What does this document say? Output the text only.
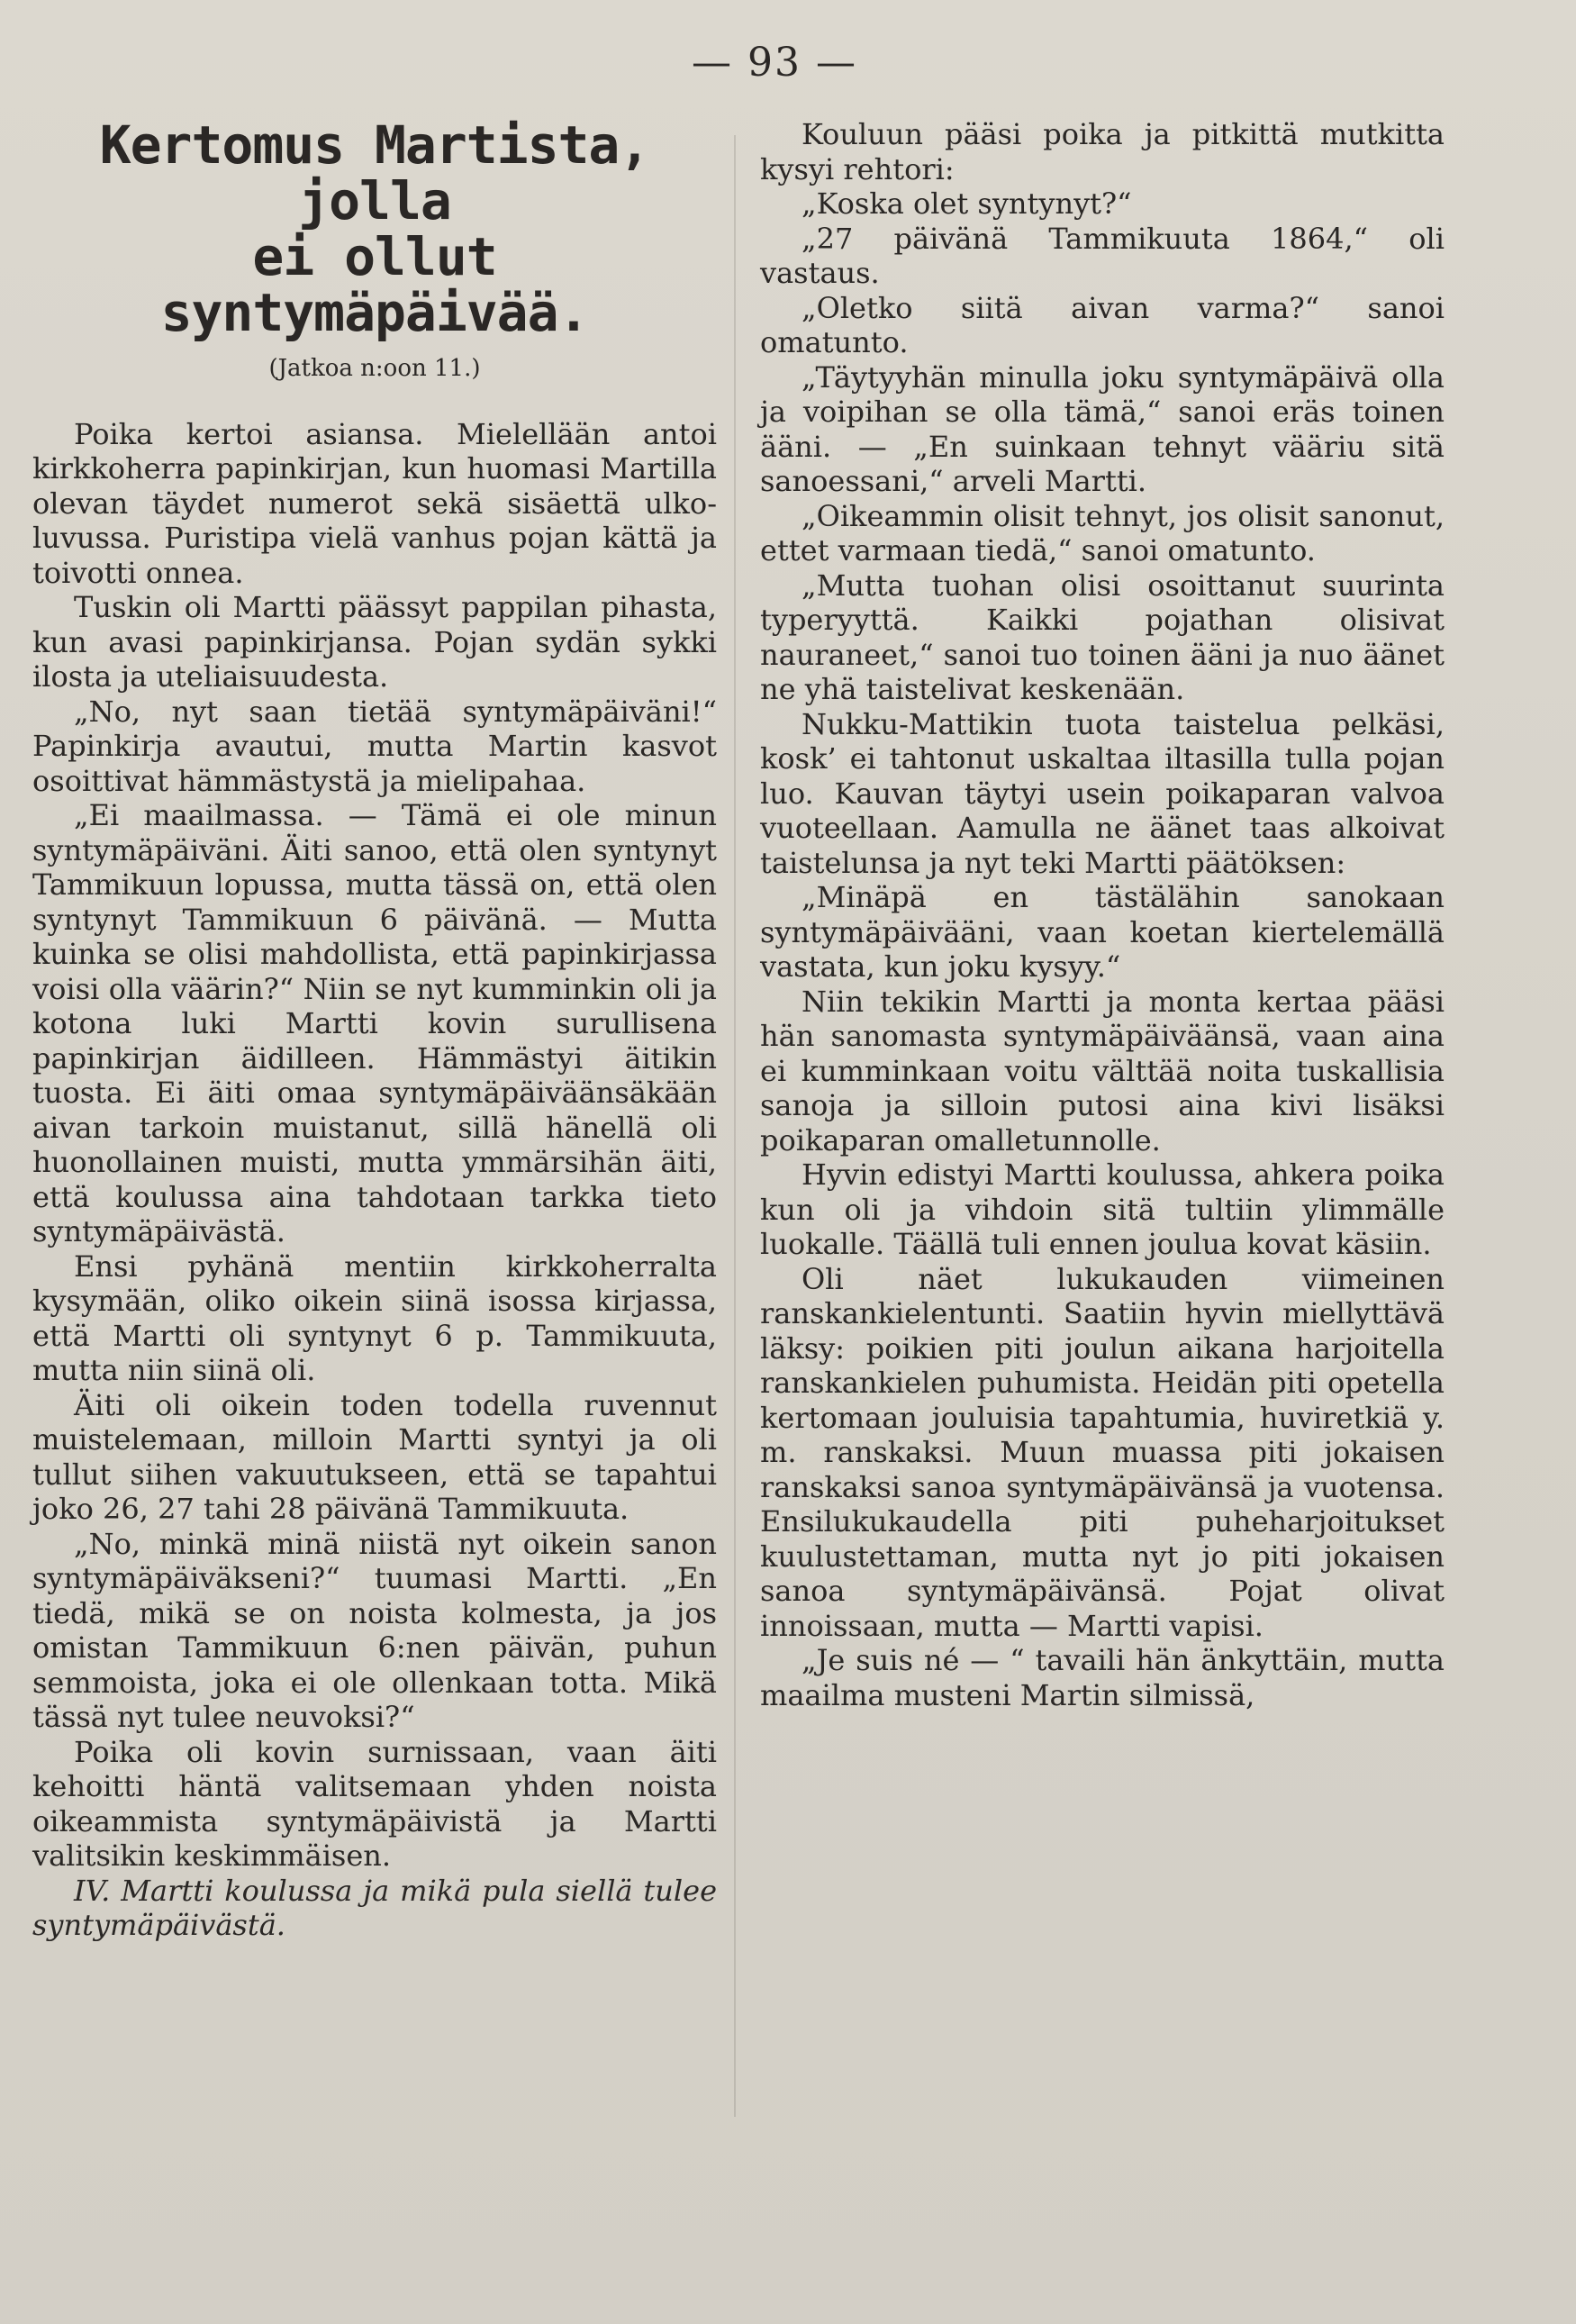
— 93 —
Kertomus Martista, jolla
ei ollut syntymäpäivää.
(Jatkoa n:oon 11.)

Poika kertoi asiansa. Mielellään antoi kirkkoherra papinkirjan, kun huomasi Martilla olevan täydet numerot sekä sisäettä ulko-luvussa. Puristipa vielä vanhus pojan kättä ja toivotti onnea.

Tuskin oli Martti päässyt pappilan pihasta, kun avasi papinkirjansa. Pojan sydän sykki ilosta ja uteliaisuudesta.

„No, nyt saan tietää syntymäpäiväni!“ Papinkirja avautui, mutta Martin kasvot osoittivat hämmästystä ja mielipahaa.

„Ei maailmassa. — Tämä ei ole minun syntymäpäiväni. Äiti sanoo, että olen syntynyt Tammikuun lopussa, mutta tässä on, että olen syntynyt Tammikuun 6 päivänä. — Mutta kuinka se olisi mahdollista, että papinkirjassa voisi olla väärin?“ Niin se nyt kumminkin oli ja kotona luki Martti kovin surullisena papinkirjan äidilleen. Hämmästyi äitikin tuosta. Ei äiti omaa syntymäpäiväänsäkään aivan tarkoin muistanut, sillä hänellä oli huonollainen muisti, mutta ymmärsihän äiti, että koulussa aina tahdotaan tarkka tieto syntymäpäivästä.

Ensi pyhänä mentiin kirkkoherralta kysymään, oliko oikein siinä isossa kirjassa, että Martti oli syntynyt 6 p. Tammikuuta, mutta niin siinä oli.

Äiti oli oikein toden todella ruvennut muistelemaan, milloin Martti syntyi ja oli tullut siihen vakuutukseen, että se tapahtui joko 26, 27 tahi 28 päivänä Tammikuuta.

„No, minkä minä niistä nyt oikein sanon syntymäpäiväkseni?“ tuumasi Martti. „En tiedä, mikä se on noista kolmesta, ja jos omistan Tammikuun 6:nen päivän, puhun semmoista, joka ei ole ollenkaan totta. Mikä tässä nyt tulee neuvoksi?“

Poika oli kovin surnissaan, vaan äiti kehoitti häntä valitsemaan yhden noista oikeammista syntymäpäivistä ja Martti valitsikin keskimmäisen.

IV. Martti koulussa ja mikä pula siellä tulee syntymäpäivästä.

Kouluun pääsi poika ja pitkittä mutkitta kysyi rehtori:

„Koska olet syntynyt?“

„27 päivänä Tammikuuta 1864,“ oli vastaus.

„Oletko siitä aivan varma?“ sanoi omatunto.

„Täytyyhän minulla joku syntymäpäivä olla ja voipihan se olla tämä,“ sanoi eräs toinen ääni. — „En suinkaan tehnyt vääriu sitä sanoessani,“ arveli Martti.

„Oikeammin olisit tehnyt, jos olisit sanonut, ettet varmaan tiedä,“ sanoi omatunto.

„Mutta tuohan olisi osoittanut suurinta typeryyttä. Kaikki pojathan olisivat nauraneet,“ sanoi tuo toinen ääni ja nuo äänet ne yhä taistelivat keskenään.

Nukku-Mattikin tuota taistelua pelkäsi, kosk’ ei tahtonut uskaltaa iltasilla tulla pojan luo. Kauvan täytyi usein poikaparan valvoa vuoteellaan. Aamulla ne äänet taas alkoivat taistelunsa ja nyt teki Martti päätöksen:

„Minäpä en tästälähin sanokaan syntymäpäivääni, vaan koetan kiertelemällä vastata, kun joku kysyy.“

Niin tekikin Martti ja monta kertaa pääsi hän sanomasta syntymäpäiväänsä, vaan aina ei kumminkaan voitu välttää noita tuskallisia sanoja ja silloin putosi aina kivi lisäksi poikaparan omalletunnolle.

Hyvin edistyi Martti koulussa, ahkera poika kun oli ja vihdoin sitä tultiin ylimmälle luokalle. Täällä tuli ennen joulua kovat käsiin.

Oli näet lukukauden viimeinen ranskankielentunti. Saatiin hyvin miellyttävä läksy: poikien piti joulun aikana harjoitella ranskankielen puhumista. Heidän piti opetella kertomaan jouluisia tapahtumia, huviretkiä y. m. ranskaksi. Muun muassa piti jokaisen ranskaksi sanoa syntymäpäivänsä ja vuotensa. Ensilukukaudella piti puheharjoitukset kuulustettaman, mutta nyt jo piti jokaisen sanoa syntymäpäivänsä. Pojat olivat innoissaan, mutta — Martti vapisi.

„Je suis né — “ tavaili hän änkyttäin, mutta maailma musteni Martin silmissä,
